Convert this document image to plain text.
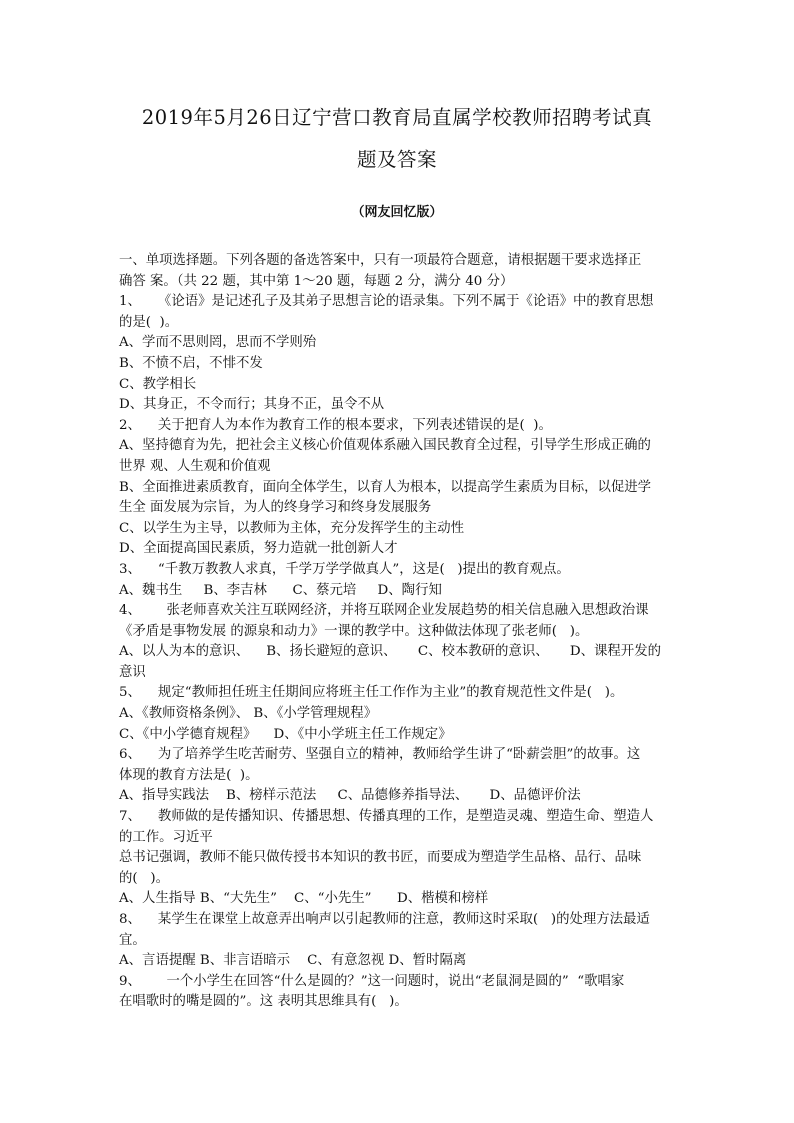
2019年5月26日辽宁营口教育局直属学校教师招聘考试真
题及答案
（网友回忆版）

一、单项选择题。下列各题的备选答案中，只有一项最符合题意，请根据题干要求选择正

确答 案。（共 22 题，其中第 1～20 题，每题 2 分，满分 40 分）

1、    《论语》是记述孔子及其弟子思想言论的语录集。下列不属于《论语》中的教育思想

的是(  )。

A、学而不思则罔，思而不学则殆

B、不愤不启，不悱不发

C、教学相长

D、其身正，不令而行；其身不正，虽令不从

2、    关于把育人为本作为教育工作的根本要求，下列表述错误的是(  )。

A、坚持德育为先，把社会主义核心价值观体系融入国民教育全过程，引导学生形成正确的

世界 观、人生观和价值观

B、全面推进素质教育，面向全体学生，以育人为根本，以提高学生素质为目标，以促进学

生全 面发展为宗旨，为人的终身学习和终身发展服务

C、以学生为主导，以教师为主体，充分发挥学生的主动性

D、全面提高国民素质，努力造就一批创新人才

3、    “千教万教教人求真，千学万学学做真人”，这是(   )提出的教育观点。

A、魏书生     B、李吉林      C、蔡元培     D、陶行知

4、      张老师喜欢关注互联网经济，并将互联网企业发展趋势的相关信息融入思想政治课

《矛盾是事物发展 的源泉和动力》一课的教学中。这种做法体现了张老师(   )。

A、以人为本的意识、    B、扬长避短的意识、     C、校本教研的意识、     D、课程开发的

意识

5、    规定“教师担任班主任期间应将班主任工作作为主业”的教育规范性文件是(   )。

A、《教师资格条例》、 B、《小学管理规程》

C、《中小学德育规程》    D、《中小学班主任工作规定》

6、    为了培养学生吃苦耐劳、坚强自立的精神，教师给学生讲了“卧薪尝胆”的故事。这

体现的教育方法是(  )。

A、指导实践法    B、榜样示范法     C、品德修养指导法、     D、品德评价法

7、    教师做的是传播知识、传播思想、传播真理的工作，是塑造灵魂、塑造生命、塑造人

的工作。习近平

总书记强调，教师不能只做传授书本知识的教书匠，而要成为塑造学生品格、品行、品味

的(   )。

A、人生指导 B、“大先生”    C、“小先生”      D、楷模和榜样

8、    某学生在课堂上故意弄出响声以引起教师的注意，教师这时采取(   )的处理方法最适

宜。

A、言语提醒 B、非言语暗示    C、有意忽视 D、暂时隔离

9、      一个小学生在回答“什么是圆的？”这一问题时，说出“老鼠洞是圆的”  “歌唱家

在唱歌时的嘴是圆的”。这 表明其思维具有(   )。
